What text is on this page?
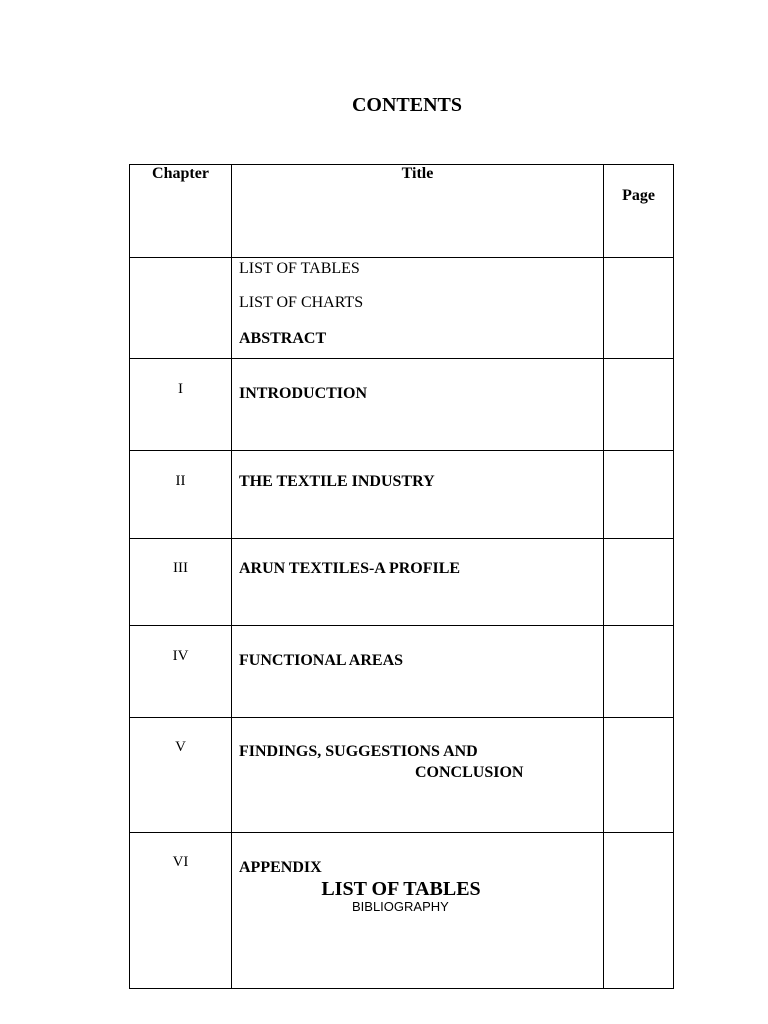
CONTENTS
Chapter	Title	Page

	LIST OF TABLES
LIST OF CHARTS
ABSTRACT	

I	INTRODUCTION	

II	THE TEXTILE INDUSTRY	

III	ARUN TEXTILES-A PROFILE	

IV	FUNCTIONAL AREAS	

V	FINDINGS, SUGGESTIONS AND
CONCLUSION	

VI	APPENDIX
BIBLIOGRAPHY	

LIST OF TABLES
